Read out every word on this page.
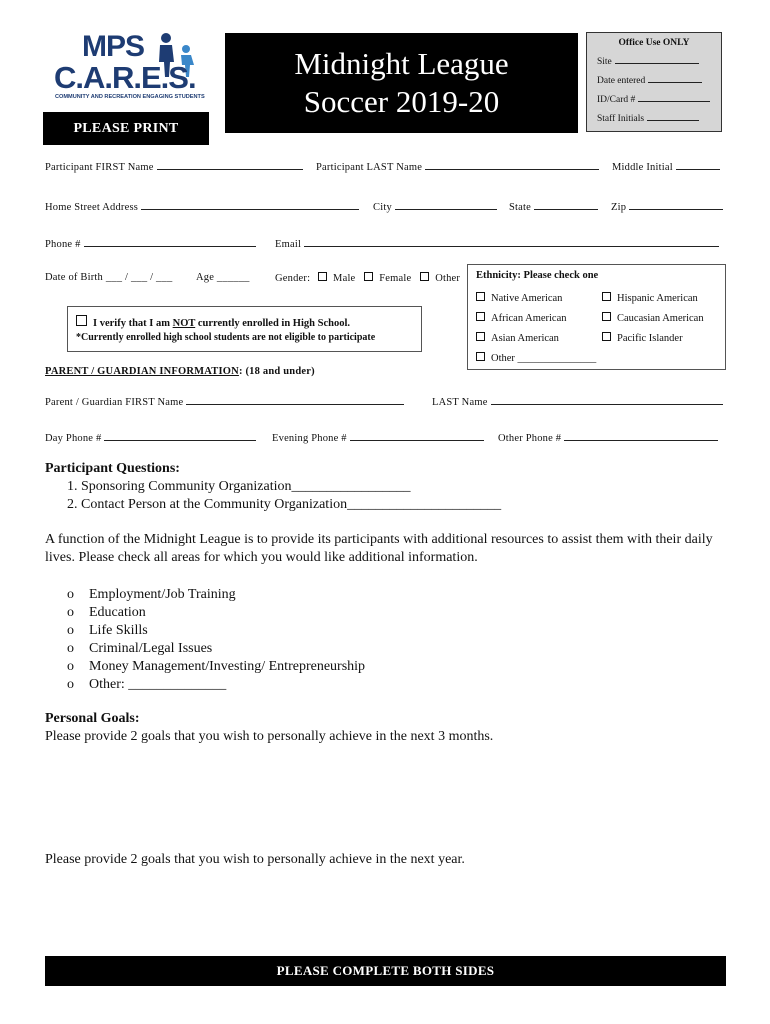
MPS
C.A.R.E.S.
COMMUNITY AND RECREATION ENGAGING STUDENTS
Midnight League
Soccer 2019-20
PLEASE PRINT
Office Use ONLY
Site
Date entered
ID/Card #
Staff Initials
Participant FIRST Name	Participant LAST Name	Middle Initial
Home Street Address	City	State	Zip
Phone #	Email
Date of Birth ___ / ___ / ___ Age ______ Gender: Male Female Other
I verify that I am NOT currently enrolled in High School.
*Currently enrolled high school students are not eligible to participate
Ethnicity: Please check one
Native American	Hispanic American
African American	Caucasian American
Asian American	Pacific Islander
Other _______________
PARENT / GUARDIAN INFORMATION: (18 and under)
Parent / Guardian FIRST Name	LAST Name
Day Phone #	Evening Phone #	Other Phone #
Participant Questions:
1. Sponsoring Community Organization_________________
2. Contact Person at the Community Organization______________________
A function of the Midnight League is to provide its participants with additional resources to assist them with their daily lives. Please check all areas for which you would like additional information.
o Employment/Job Training
o Education
o Life Skills
o Criminal/Legal Issues
o Money Management/Investing/ Entrepreneurship
o Other: ______________
Personal Goals:
Please provide 2 goals that you wish to personally achieve in the next 3 months.
Please provide 2 goals that you wish to personally achieve in the next year.
PLEASE COMPLETE BOTH SIDES
